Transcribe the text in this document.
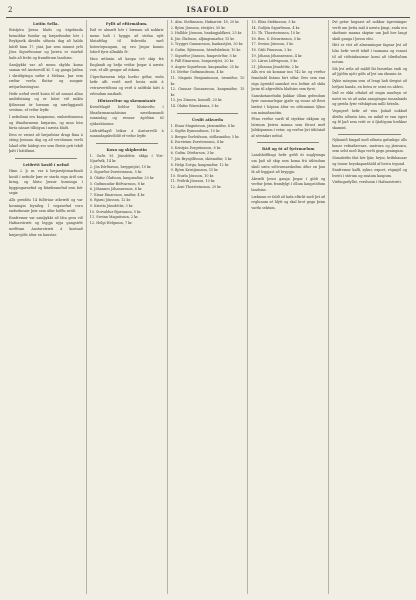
2	ISAFOLD
Lotiin Sella.

Ritstjóra þessa blaðs og útgefanda heimildar fundur og bæjarfundur hér í Reykjavík ákváðu síðasta dag að halda hátíð hinn 17. júní, þar sem minnst yrði Jóns Sigurðssonar og þeirra er starfað hafa að frelsi og framförum landsins.

Samþykkt var að menn skyldu koma saman við Austurvöll kl. 1 og ganga þaðan í skrúðgöngu suður á Melana, þar sem ræður verða fluttar og sungnir ættjarðarsöngvar.

Hefir nefnd verið kosin til að annast allan undirbúning og er búist við miklu fjölmenni úr bænum og nærliggjandi sveitum, ef veður leyfir.

Í nefndinni eru kaupmenn, embættismenn og iðnaðarmenn bæjarins, og mun hún birta nánari tilhögun í næsta blaði.

Þess er vænst að bæjarbúar dragi fána á stöng þennan dag og að verslunum verði lokað eftir hádegi svo sem flestir geti tekið þátt í hátíðinni.

Leiðrétt kosið í nefnd

Hinn 2. þ. m. var á bæjarstjórnarfundi kosið í nefndir þær er starfa eiga árið um kring, og hlutu þessir kosningu í byggingarnefnd og fátækranefnd sem hér segir.

Alls greiddu 14 fulltrúar atkvæði og var kosningin leynileg. Í veganefnd voru endurkosnir þeir sem áður höfðu setið.

Ennfremur var samþykkt að láta gera við Hafnarstræti og leggja nýja gangstétt meðfram Austurstræti á kostnað bæjarsjóðs áður en haustar.

Fyllt af eftirmálum.

Það er almælt hér í bænum að nokkrir menn hafi í hyggju að stofna nýtt hlutafélag til fiskveiða með botnvörpungum, og eru þegar komin loforð fyrir allmiklu fé.

Mun ætlunin að kaupa tvö skip frá Englandi og hefja veiðar þegar á næsta vori, ef allt gengur að óskum.

Útgerðarmenn telja horfur góðar, enda hefir afli verið með besta móti á vetrarvertíðinni og verð á saltfiski hátt á erlendum markaði.

Hlutaveltur og skemmtanir

Kvenfélagið heldur hlutaveltu í Iðnaðarmannahúsinu næstkomandi sunnudag og rennur ágóðinn til sjúkrahússins.

Lúðrafélagið leikur á Austurvelli á sunnudagskvöldið ef veður leyfir.

Kosn og skipbrotin
1. Guðr. M. Jónsdóttir, ekkja í Ytri-Njarðvík, 14 kr.
2. Jón Þórðarson, hreppstjóri, 10 kr.
3. Sigurður Þorsteinsson, 5 kr.
4. Ólafur Ólafsson, kaupmaður, 20 kr.
5. Guðmundur Böðvarsson, 8 kr.
6. Jóhannes Jóhannesson, 6 kr.
7. Einar Einarsson, smiður, 4 kr.
8. Bjarni Jónsson, 12 kr.
9. Kristín Jónsdóttir, 3 kr.
10. Þorvaldur Bjarnason, 5 kr.
11. Sveinn Magnússon, 2 kr.
12. Helgi Helgason, 7 kr.
1. Alm. Stefánsson, Hafnarstr. 18, 20 kr.
2. Björn Jónsson, ritstjóri, 50 kr.
3. Halldór Jónsson, bankagjaldkeri, 25 kr.
4. Jón Ólafsson, alþingismaður, 15 kr.
5. Tryggvi Gunnarsson, bankastjóri, 30 kr.
6. Guðm. Björnsson, héraðslæknir, 10 kr.
7. Sigurður Jónsson, fangavörður, 5 kr.
8. Páll Einarsson, borgarstjóri, 20 kr.
9. Ásgeir Sigurðsson, kaupmaður, 25 kr.
10. Þórður Guðmundsson, 4 kr.
11. Magnús Benjamínsson, úrsmiður, 10 kr.
12. Gunnar Gunnarsson, kaupmaður, 15 kr.
13. Jes Zimsen, konsúll, 20 kr.
14. Ólafur Rósenkranz, 3 kr.
Úrslit atkvæða
1. Einar Magnússon, járnsmiður, 8 kr.
2. Sigfús Eymundsson, 10 kr.
3. Bergur Þorleifsson, söðlasmiður, 5 kr.
4. Þorsteinn Þorsteinsson, 4 kr.
5. Kristján Þorgrímsson, 6 kr.
6. Guðm. Þórðarson, 3 kr.
7. Jón Brynjólfsson, skósmiður, 5 kr.
8. Helgi Zoëga, kaupmaður, 12 kr.
9. Björn Kristjánsson, 15 kr.
10. Sturla Jónsson, 10 kr.
11. Friðrik Jónsson, 10 kr.
12. Árni Thorsteinsson, 20 kr.
13. Elías Stefánsson, 5 kr.
14. Guðjón Sigurðsson, 4 kr.
15. Th. Thorsteinsson, 10 kr.
16. Ben. S. Þórarinsson, 5 kr.
17. Sveinn Jónsson, 3 kr.
18. Gísli Finnsson, 2 kr.
19. Jóhann Jóhannesson, 4 kr.
20. Lárus Lúðvígsson, 5 kr.
21. Jóhanna Jónsdóttir, 2 kr.

Alls eru nú komnar inn 742 kr. og verður framhald listans birt síðar. Þeir sem enn eiga ógreidd samskot eru beðnir að skila þeim til afgreiðslu blaðsins sem fyrst.

Samskotanefndin þakkar öllum gefendum fyrir rausnarlegar gjafir og vonar að fleiri bætist í hópinn áður en söfnuninni lýkur um mánaðamótin.

Fénu verður varið til styrktar ekkjum og börnum þeirra manna sem fórust með þilskipunum í vetur, og verður því úthlutað af sérstakri nefnd.

Ráð og út af fyrirmælum

Landshöfðingi hefir gefið út auglýsingu um það að skip sem koma frá útlöndum skuli sæta sóttvarnarskoðun áður en þau fá að leggjast að bryggju.

Ákvæði þessi ganga þegar í gildi og verður þeim framfylgt í öllum kaupstöðum landsins.

Læknum er falið að hafa eftirlit með því að reglunum sé hlýtt og skal brot gegn þeim varða sektum.

Því getur hugsast að nokkur ágreiningur verði um þetta mál á næsta þingi, enda eru skoðanir manna skiptar um það hve langt skuli ganga í þessu efni.

Hitt er víst að almenningur fagnar því að loks hefir verið tekið í taumana og vonast til að ráðstafanirnar komi að tilætluðum notum.

Má því ætla að málið fái farsælan endi og að þjóðin njóti góðs af því um ókomin ár.

Þykir mörgum sem of lengi hafi dregist að hefjast handa, en betra er seint en aldrei.

Það er ekki oftalað að engin nauðsyn sé meiri en sú að auka samgöngur innanlands og greiða fyrir viðskiptum milli héraða.

Vegagerð hefir að vísu þokað nokkuð áleiðis síðustu árin, en mikið er enn ógert og fé það sem veitt er á fjárlögum hrekkur skammt.

Nýkomið hingað með síðasta gufuskipi: alls konar vefnaðarvara, matvara og járnvara, sem selst með lágu verði gegn peningum.

Sömuleiðis fást hér ljáir, brýni, hrífuhausar og önnur heyskaparáhöld af bestu tegund.

Ennfremur kaffi, sykur, export, rúgmjöl og hveiti í stórum og smáum kaupum.

Virðingarfyllst, verslunin í Hafnarstræti.
